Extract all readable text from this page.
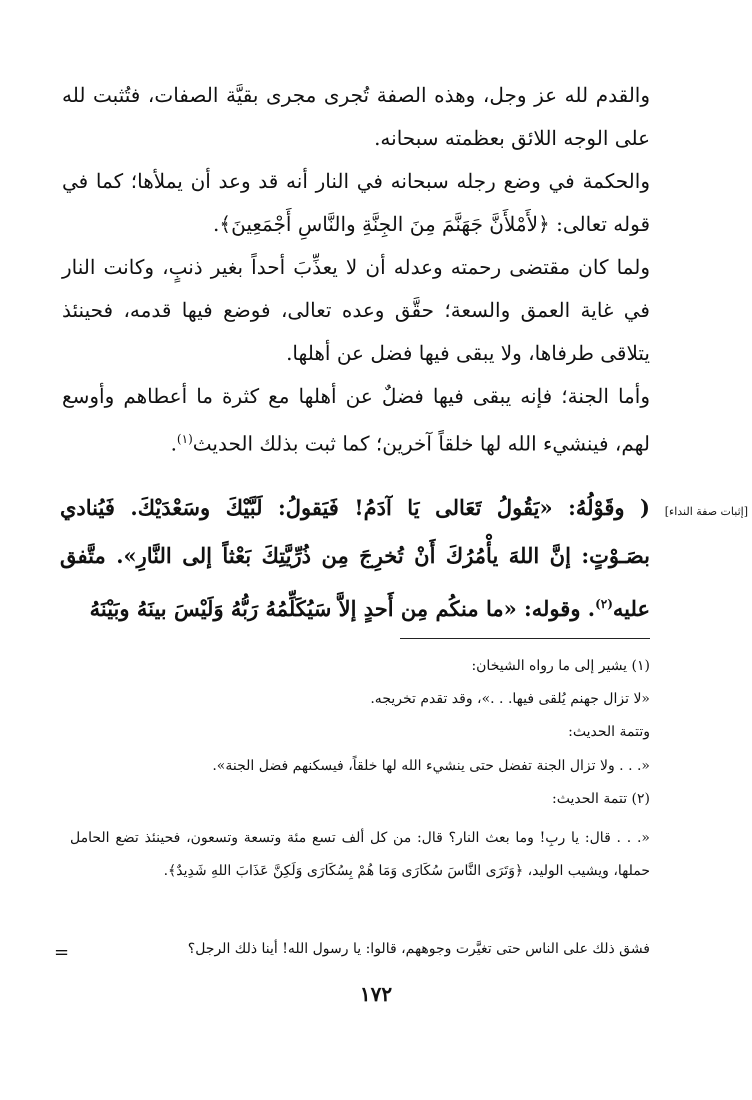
والقدم لله عز وجل، وهذه الصفة تُجرى مجرى بقيَّة الصفات، فتُثبت لله على الوجه اللائق بعظمته سبحانه.

والحكمة في وضع رجله سبحانه في النار أنه قد وعد أن يملأها؛ كما في قوله تعالى: ﴿لأَمْلأَنَّ جَهَنَّمَ مِنَ الجِنَّةِ والنَّاسِ أَجْمَعِينَ﴾.

ولما كان مقتضى رحمته وعدله أن لا يعذِّبَ أحداً بغير ذنبٍ، وكانت النار في غاية العمق والسعة؛ حقَّق وعده تعالى، فوضع فيها قدمه، فحينئذ يتلاقى طرفاها، ولا يبقى فيها فضل عن أهلها.

وأما الجنة؛ فإنه يبقى فيها فضلٌ عن أهلها مع كثرة ما أعطاهم وأوسع لهم، فينشيء الله لها خلقاً آخرين؛ كما ثبت بذلك الحديث$^{(١)}$.

[إثبات صفة النداء]

( وقَوْلُهُ: «يَقُولُ تَعَالى يَا آدَمُ! فَيَقولُ: لَبَّيْكَ وسَعْدَيْكَ. فَيُنادي بصَـوْتٍ: إنَّ اللهَ يأْمُرُكَ أَنْ تُخرِجَ مِن ذُرِّيَّتِكَ بَعْثاً إلى النَّارِ». متَّفق عليه$^{(٢)}$. وقوله: «ما منكُم مِن أَحدٍ إلاَّ سَيُكَلِّمُهُ رَبُّهُ وَلَيْسَ بينَهُ وبَيْنَهُ

(١) يشير إلى ما رواه الشيخان:

«لا تزال جهنم يُلقى فيها. . .»، وقد تقدم تخريجه.

وتتمة الحديث:

«. . . ولا تزال الجنة تفضل حتى ينشيء الله لها خلقاً، فيسكنهم فضل الجنة».

(٢) تتمة الحديث:

«. . . قال: يا ربِ! وما بعث النار؟ قال: من كل ألف تسع مئة وتسعة وتسعون، فحينئذ تضع الحامل حملها، ويشيب الوليد، ﴿وَتَرَى النَّاسَ سُكَارَى وَمَا هُمْ بِسُكَارَى وَلَكِنَّ عَذَابَ اللهِ شَدِيدٌ﴾.

فشق ذلك على الناس حتى تغيَّرت وجوههم، قالوا: يا رسول الله! أينا ذلك الرجل؟

=
١٧٢
